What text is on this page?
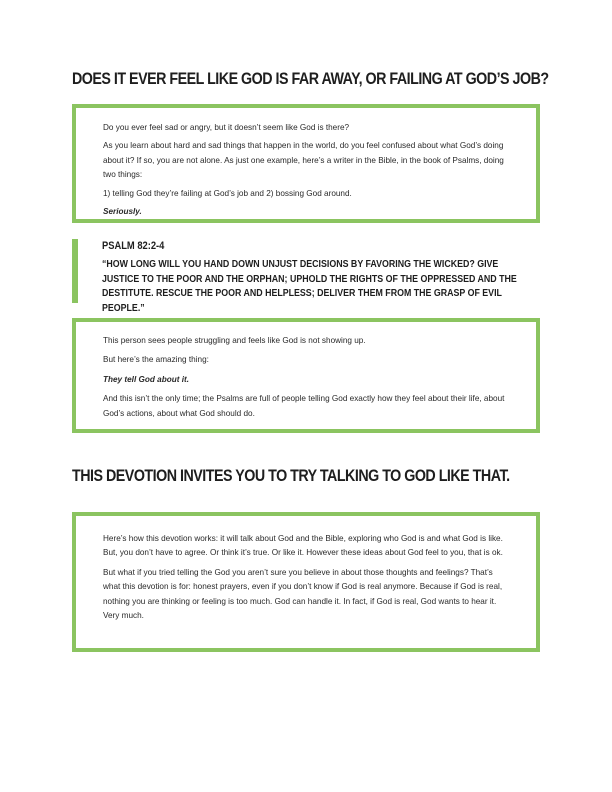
DOES IT EVER FEEL LIKE GOD IS FAR AWAY, OR FAILING AT GOD’S JOB?

Do you ever feel sad or angry, but it doesn’t seem like God is there?

As you learn about hard and sad things that happen in the world, do you feel confused about what God’s doing about it? If so, you are not alone. As just one example, here’s a writer in the Bible, in the book of Psalms, doing two things:

1) telling God they’re failing at God’s job and 2) bossing God around.

Seriously.

PSALM 82:2-4
“HOW LONG WILL YOU HAND DOWN UNJUST DECISIONS BY FAVORING THE WICKED? GIVE JUSTICE TO THE POOR AND THE ORPHAN; UPHOLD THE RIGHTS OF THE OPPRESSED AND THE DESTITUTE. RESCUE THE POOR AND HELPLESS; DELIVER THEM FROM THE GRASP OF EVIL PEOPLE.”

This person sees people struggling and feels like God is not showing up.

But here’s the amazing thing:

They tell God about it.

And this isn’t the only time; the Psalms are full of people telling God exactly how they feel about their life, about God’s actions, about what God should do.

THIS DEVOTION INVITES YOU TO TRY TALKING TO GOD LIKE THAT.

Here’s how this devotion works: it will talk about God and the Bible, exploring who God is and what God is like. But, you don’t have to agree. Or think it’s true. Or like it. However these ideas about God feel to you, that is ok.

But what if you tried telling the God you aren’t sure you believe in about those thoughts and feelings? That’s what this devotion is for: honest prayers, even if you don’t know if God is real anymore. Because if God is real, nothing you are thinking or feeling is too much. God can handle it. In fact, if God is real, God wants to hear it. Very much.
